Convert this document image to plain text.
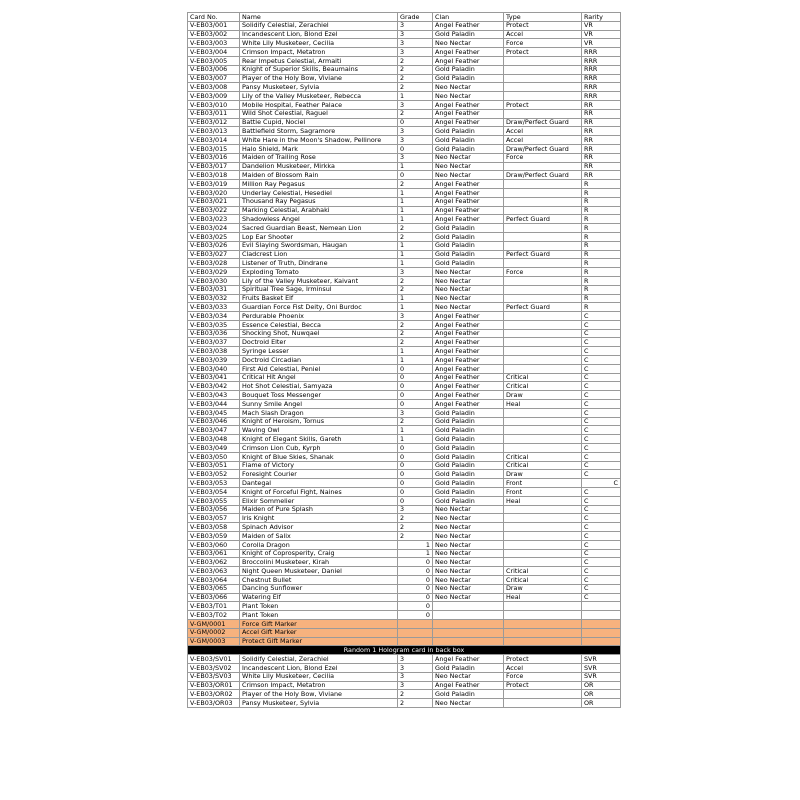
Card No.	Name	Grade	Clan	Type	Rarity
V-EB03/001	Solidify Celestial, Zerachiel	3	Angel Feather	Protect	VR
V-EB03/002	Incandescent Lion, Blond Ezel	3	Gold Paladin	Accel	VR
V-EB03/003	White Lily Musketeer, Cecilia	3	Neo Nectar	Force	VR
V-EB03/004	Crimson Impact, Metatron	3	Angel Feather	Protect	RRR
V-EB03/005	Rear Impetus Celestial, Armaiti	2	Angel Feather		RRR
V-EB03/006	Knight of Superior Skills, Beaumains	2	Gold Paladin		RRR
V-EB03/007	Player of the Holy Bow, Viviane	2	Gold Paladin		RRR
V-EB03/008	Pansy Musketeer, Sylvia	2	Neo Nectar		RRR
V-EB03/009	Lily of the Valley Musketeer, Rebecca	1	Neo Nectar		RRR
V-EB03/010	Mobile Hospital, Feather Palace	3	Angel Feather	Protect	RR
V-EB03/011	Wild Shot Celestial, Raguel	2	Angel Feather		RR
V-EB03/012	Battle Cupid, Nociel	0	Angel Feather	Draw/Perfect Guard	RR
V-EB03/013	Battlefield Storm, Sagramore	3	Gold Paladin	Accel	RR
V-EB03/014	White Hare in the Moon's Shadow, Pellinore	3	Gold Paladin	Accel	RR
V-EB03/015	Halo Shield, Mark	0	Gold Paladin	Draw/Perfect Guard	RR
V-EB03/016	Maiden of Trailing Rose	3	Neo Nectar	Force	RR
V-EB03/017	Dandelion Musketeer, Mirkka	1	Neo Nectar		RR
V-EB03/018	Maiden of Blossom Rain	0	Neo Nectar	Draw/Perfect Guard	RR
V-EB03/019	Million Ray Pegasus	2	Angel Feather		R
V-EB03/020	Underlay Celestial, Hesediel	1	Angel Feather		R
V-EB03/021	Thousand Ray Pegasus	1	Angel Feather		R
V-EB03/022	Marking Celestial, Arabhaki	1	Angel Feather		R
V-EB03/023	Shadowless Angel	1	Angel Feather	Perfect Guard	R
V-EB03/024	Sacred Guardian Beast, Nemean Lion	2	Gold Paladin		R
V-EB03/025	Lop Ear Shooter	2	Gold Paladin		R
V-EB03/026	Evil Slaying Swordsman, Haugan	1	Gold Paladin		R
V-EB03/027	Cladcrest Lion	1	Gold Paladin	Perfect Guard	R
V-EB03/028	Listener of Truth, Dindrane	1	Gold Paladin		R
V-EB03/029	Exploding Tomato	3	Neo Nectar	Force	R
V-EB03/030	Lily of the Valley Musketeer, Kaivant	2	Neo Nectar		R
V-EB03/031	Spiritual Tree Sage, Irminsul	2	Neo Nectar		R
V-EB03/032	Fruits Basket Elf	1	Neo Nectar		R
V-EB03/033	Guardian Force Fist Deity, Oni Burdoc	1	Neo Nectar	Perfect Guard	R
V-EB03/034	Perdurable Phoenix	3	Angel Feather		C
V-EB03/035	Essence Celestial, Becca	2	Angel Feather		C
V-EB03/036	Shocking Shot, Nuwqael	2	Angel Feather		C
V-EB03/037	Doctroid Elter	2	Angel Feather		C
V-EB03/038	Syringe Lesser	1	Angel Feather		C
V-EB03/039	Doctroid Circadian	1	Angel Feather		C
V-EB03/040	First Aid Celestial, Peniel	0	Angel Feather		C
V-EB03/041	Critical Hit Angel	0	Angel Feather	Critical	C
V-EB03/042	Hot Shot Celestial, Samyaza	0	Angel Feather	Critical	C
V-EB03/043	Bouquet Toss Messenger	0	Angel Feather	Draw	C
V-EB03/044	Sunny Smile Angel	0	Angel Feather	Heal	C
V-EB03/045	Mach Slash Dragon	3	Gold Paladin		C
V-EB03/046	Knight of Heroism, Tornus	2	Gold Paladin		C
V-EB03/047	Waving Owl	1	Gold Paladin		C
V-EB03/048	Knight of Elegant Skills, Gareth	1	Gold Paladin		C
V-EB03/049	Crimson Lion Cub, Kyrph	0	Gold Paladin		C
V-EB03/050	Knight of Blue Skies, Shanak	0	Gold Paladin	Critical	C
V-EB03/051	Flame of Victory	0	Gold Paladin	Critical	C
V-EB03/052	Foresight Courier	0	Gold Paladin	Draw	C
V-EB03/053	Dantegal	0	Gold Paladin	Front	C
V-EB03/054	Knight of Forceful Fight, Naines	0	Gold Paladin	Front	C
V-EB03/055	Elixir Sommelier	0	Gold Paladin	Heal	C
V-EB03/056	Maiden of Pure Splash	3	Neo Nectar		C
V-EB03/057	Iris Knight	2	Neo Nectar		C
V-EB03/058	Spinach Advisor	2	Neo Nectar		C
V-EB03/059	Maiden of Salix	2	Neo Nectar		C
V-EB03/060	Corolla Dragon	1	Neo Nectar		C
V-EB03/061	Knight of Coprosperity, Craig	1	Neo Nectar		C
V-EB03/062	Broccolini Musketeer, Kirah	0	Neo Nectar		C
V-EB03/063	Night Queen Musketeer, Daniel	0	Neo Nectar	Critical	C
V-EB03/064	Chestnut Bullet	0	Neo Nectar	Critical	C
V-EB03/065	Dancing Sunflower	0	Neo Nectar	Draw	C
V-EB03/066	Watering Elf	0	Neo Nectar	Heal	C
V-EB03/T01	Plant Token	0			
V-EB03/T02	Plant Token	0			
V-GM/0001	Force Gift Marker				
V-GM/0002	Accel Gift Marker				
V-GM/0003	Protect Gift Marker				
Random 1 Hologram card in back box					
V-EB03/SV01	Solidify Celestial, Zerachiel	3	Angel Feather	Protect	SVR
V-EB03/SV02	Incandescent Lion, Blond Ezel	3	Gold Paladin	Accel	SVR
V-EB03/SV03	White Lily Musketeer, Cecilia	3	Neo Nectar	Force	SVR
V-EB03/OR01	Crimson Impact, Metatron	3	Angel Feather	Protect	OR
V-EB03/OR02	Player of the Holy Bow, Viviane	2	Gold Paladin		OR
V-EB03/OR03	Pansy Musketeer, Sylvia	2	Neo Nectar		OR
